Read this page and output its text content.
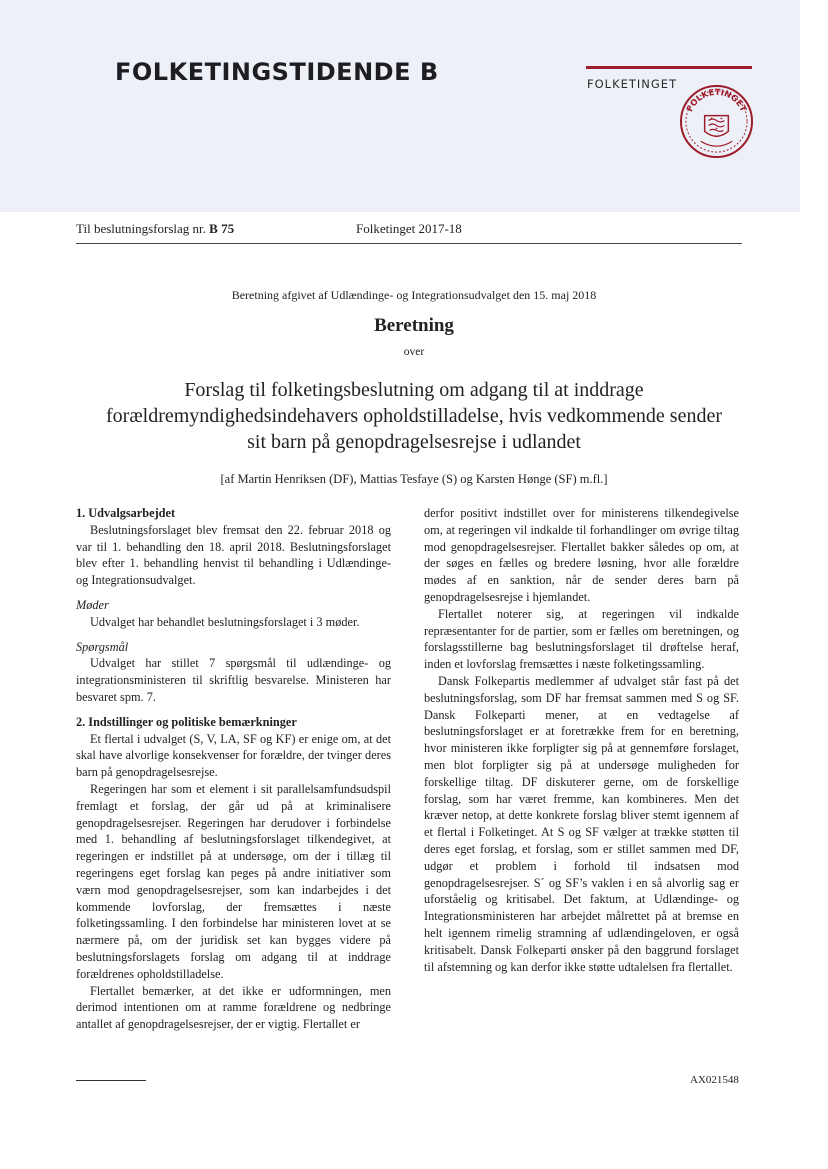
FOLKETINGSTIDENDE B	FOLKETINGET
FOLKETINGET
Til beslutningsforslag nr. B 75	Folketinget 2017-18
Beretning afgivet af Udlændinge- og Integrationsudvalget den 15. maj 2018
Beretning
over
Forslag til folketingsbeslutning om adgang til at inddrage
forældremyndighedsindehavers opholdstilladelse, hvis vedkommende sender
sit barn på genopdragelsesrejse i udlandet
[af Martin Henriksen (DF), Mattias Tesfaye (S) og Karsten Hønge (SF) m.fl.]
1. Udvalgsarbejdet

Beslutningsforslaget blev fremsat den 22. februar 2018 og var til 1. behandling den 18. april 2018. Beslutningsforslaget blev efter 1. behandling henvist til behandling i Udlændinge- og Integrationsudvalget.

Møder

Udvalget har behandlet beslutningsforslaget i 3 møder.

Spørgsmål

Udvalget har stillet 7 spørgsmål til udlændinge- og integrationsministeren til skriftlig besvarelse. Ministeren har besvaret spm. 7.

2. Indstillinger og politiske bemærkninger

Et flertal i udvalget (S, V, LA, SF og KF) er enige om, at det skal have alvorlige konsekvenser for forældre, der tvinger deres barn på genopdragelsesrejse.

Regeringen har som et element i sit parallelsamfundsudspil fremlagt et forslag, der går ud på at kriminalisere genopdragelsesrejser. Regeringen har derudover i forbindelse med 1. behandling af beslutningsforslaget tilkendegivet, at regeringen er indstillet på at undersøge, om der i tillæg til regeringens eget forslag kan peges på andre initiativer som værn mod genopdragelsesrejser, som kan indarbejdes i det kommende lovforslag, der fremsættes i næste folketingssamling. I den forbindelse har ministeren lovet at se nærmere på, om der juridisk set kan bygges videre på beslutningsforslagets forslag om adgang til at inddrage forældrenes opholdstilladelse.

Flertallet bemærker, at det ikke er udformningen, men derimod intentionen om at ramme forældrene og nedbringe antallet af genopdragelsesrejser, der er vigtig. Flertallet er

derfor positivt indstillet over for ministerens tilkendegivelse om, at regeringen vil indkalde til forhandlinger om øvrige tiltag mod genopdragelsesrejser. Flertallet bakker således op om, at der søges en fælles og bredere løsning, hvor alle forældre mødes af en sanktion, når de sender deres barn på genopdragelsesrejse i hjemlandet.

Flertallet noterer sig, at regeringen vil indkalde repræsentanter for de partier, som er fælles om beretningen, og forslagsstillerne bag beslutningsforslaget til drøftelse heraf, inden et lovforslag fremsættes i næste folketingssamling.

Dansk Folkepartis medlemmer af udvalget står fast på det beslutningsforslag, som DF har fremsat sammen med S og SF. Dansk Folkeparti mener, at en vedtagelse af beslutningsforslaget er at foretrække frem for en beretning, hvor ministeren ikke forpligter sig på at gennemføre forslaget, men blot forpligter sig på at undersøge muligheden for forskellige tiltag. DF diskuterer gerne, om de forskellige forslag, som har været fremme, kan kombineres. Men det kræver netop, at dette konkrete forslag bliver stemt igennem af et flertal i Folketinget. At S og SF vælger at trække støtten til deres eget forslag, et forslag, som er stillet sammen med DF, udgør et problem i forhold til indsatsen mod genopdragelsesrejser. S´ og SF’s vaklen i en så alvorlig sag er uforståelig og kritisabel. Det faktum, at Udlændinge- og Integrationsministeren har arbejdet målrettet på at bremse en helt igennem rimelig stramning af udlændingeloven, er også kritisabelt. Dansk Folkeparti ønsker på den baggrund forslaget til afstemning og kan derfor ikke støtte udtalelsen fra flertallet.

AX021548
